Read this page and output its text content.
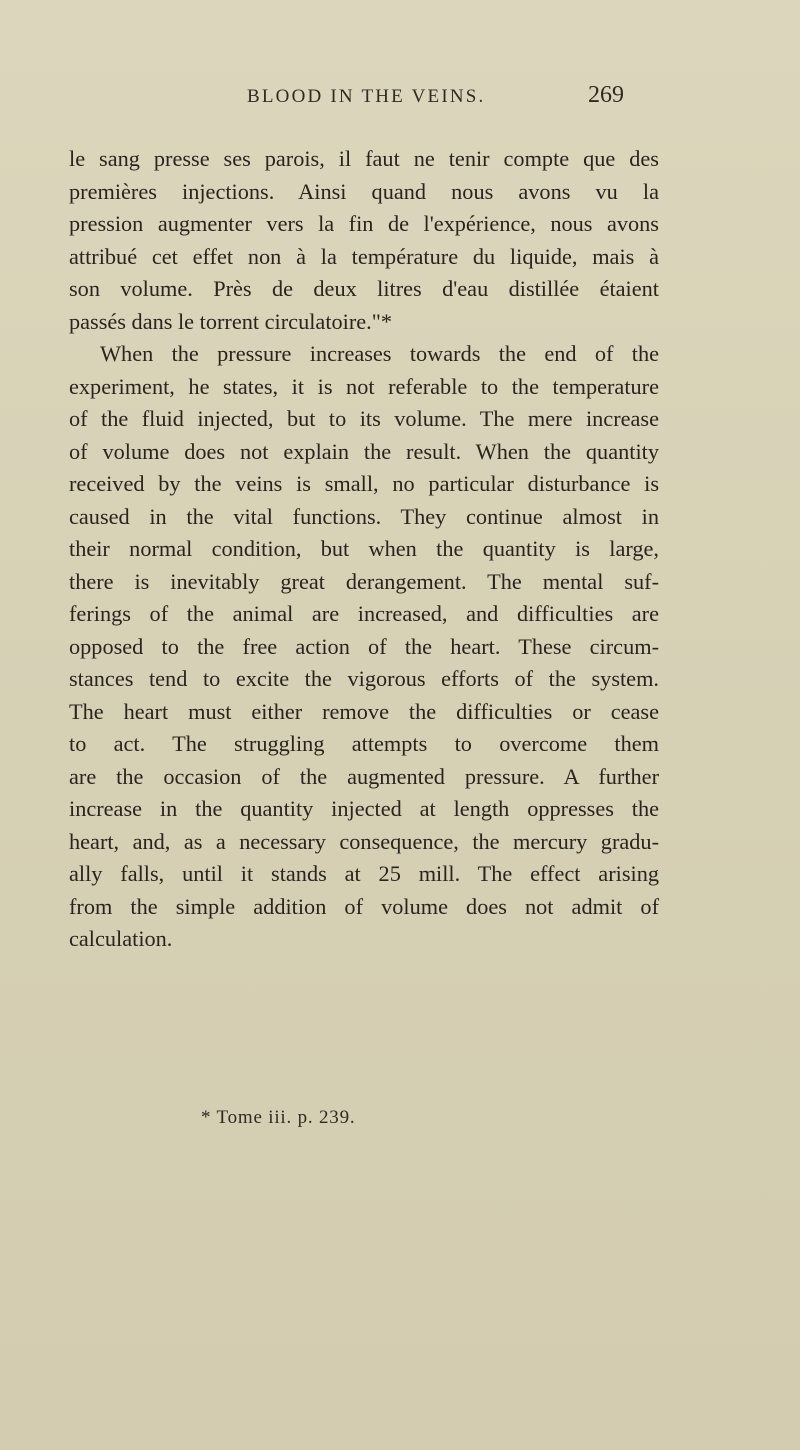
BLOOD IN THE VEINS.	269
le sang presse ses parois, il faut ne tenir compte que des
premières injections. Ainsi quand nous avons vu la
pression augmenter vers la fin de l'expérience, nous avons
attribué cet effet non à la température du liquide, mais à
son volume. Près de deux litres d'eau distillée étaient
passés dans le torrent circulatoire."*
When the pressure increases towards the end of the
experiment, he states, it is not referable to the temperature
of the fluid injected, but to its volume. The mere increase
of volume does not explain the result. When the quantity
received by the veins is small, no particular disturbance is
caused in the vital functions. They continue almost in
their normal condition, but when the quantity is large,
there is inevitably great derangement. The mental suf-
ferings of the animal are increased, and difficulties are
opposed to the free action of the heart. These circum-
stances tend to excite the vigorous efforts of the system.
The heart must either remove the difficulties or cease
to act. The struggling attempts to overcome them
are the occasion of the augmented pressure. A further
increase in the quantity injected at length oppresses the
heart, and, as a necessary consequence, the mercury gradu-
ally falls, until it stands at 25 mill. The effect arising
from the simple addition of volume does not admit of
calculation.
* Tome iii. p. 239.
